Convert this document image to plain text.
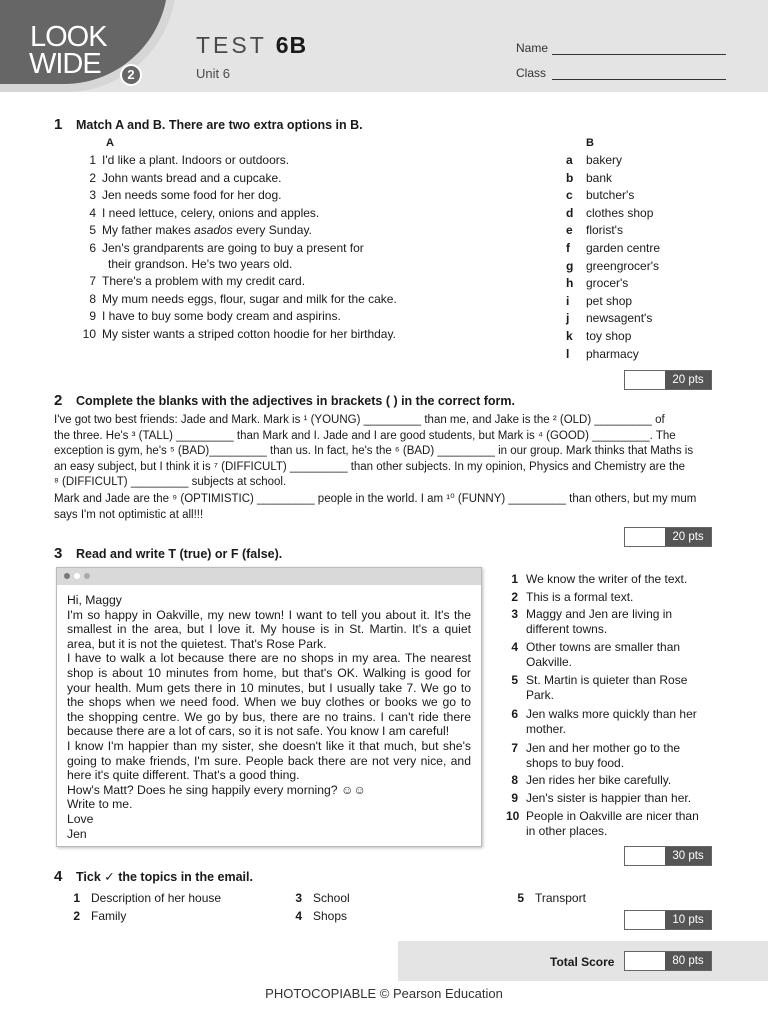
LOOK
WIDE	2
TEST 6B
Unit 6
Name
Class
1 Match A and B. There are two extra options in B.
A	B
1 I'd like a plant. Indoors or outdoors.
2 John wants bread and a cupcake.
3 Jen needs some food for her dog.
4 I need lettuce, celery, onions and apples.
5 My father makes asados every Sunday.
6 Jen's grandparents are going to buy a present for
their grandson. He's two years old.
7 There's a problem with my credit card.
8 My mum needs eggs, flour, sugar and milk for the cake.
9 I have to buy some body cream and aspirins.
10 My sister wants a striped cotton hoodie for her birthday.
a	bakery
b	bank
c	butcher's
d	clothes shop
e	florist's
f	garden centre
g	greengrocer's
h	grocer's
i	pet shop
j	newsagent's
k	toy shop
l	pharmacy
20 pts
2 Complete the blanks with the adjectives in brackets ( ) in the correct form.
I've got two best friends: Jade and Mark. Mark is ¹ (YOUNG) _________ than me, and Jake is the ² (OLD) _________ of
the three. He's ³ (TALL) _________ than Mark and I. Jade and I are good students, but Mark is ⁴ (GOOD) _________. The
exception is gym, he's ⁵ (BAD)_________ than us. In fact, he's the ⁶ (BAD) _________ in our group. Mark thinks that Maths is
an easy subject, but I think it is ⁷ (DIFFICULT) _________ than other subjects. In my opinion, Physics and Chemistry are the
⁸ (DIFFICULT) _________ subjects at school.
Mark and Jade are the ⁹ (OPTIMISTIC) _________ people in the world. I am ¹⁰ (FUNNY) _________ than others, but my mum
says I'm not optimistic at all!!!
20 pts
3 Read and write T (true) or F (false).

Hi, Maggy

I'm so happy in Oakville, my new town! I want to tell you about it. It's the smallest in the area, but I love it. My house is in St. Martin. It's a quiet area, but it is not the quietest. That's Rose Park.

I have to walk a lot because there are no shops in my area. The nearest shop is about 10 minutes from home, but that's OK. Walking is good for your health. Mum gets there in 10 minutes, but I usually take 7. We go to the shops when we need food. When we buy clothes or books we go to the shopping centre. We go by bus, there are no trains. I can't ride there because there are a lot of cars, so it is not safe. You know I am careful!

I know I'm happier than my sister, she doesn't like it that much, but she's going to make friends, I'm sure. People back there are not very nice, and here it's quite different. That's a good thing.

How's Matt? Does he sing happily every morning? ☺☺

Write to me.

Love

Jen

1 We know the writer of the text.
2 This is a formal text.
3 Maggy and Jen are living in different towns.
4 Other towns are smaller than Oakville.
5 St. Martin is quieter than Rose Park.
6 Jen walks more quickly than her mother.
7 Jen and her mother go to the shops to buy food.
8 Jen rides her bike carefully.
9 Jen's sister is happier than her.
10 People in Oakville are nicer than in other places.
30 pts
4 Tick ✓ the topics in the email.
1 Description of her house
2 Family
3 School
4 Shops
5 Transport
10 pts
Total Score	80 pts
PHOTOCOPIABLE © Pearson Education
